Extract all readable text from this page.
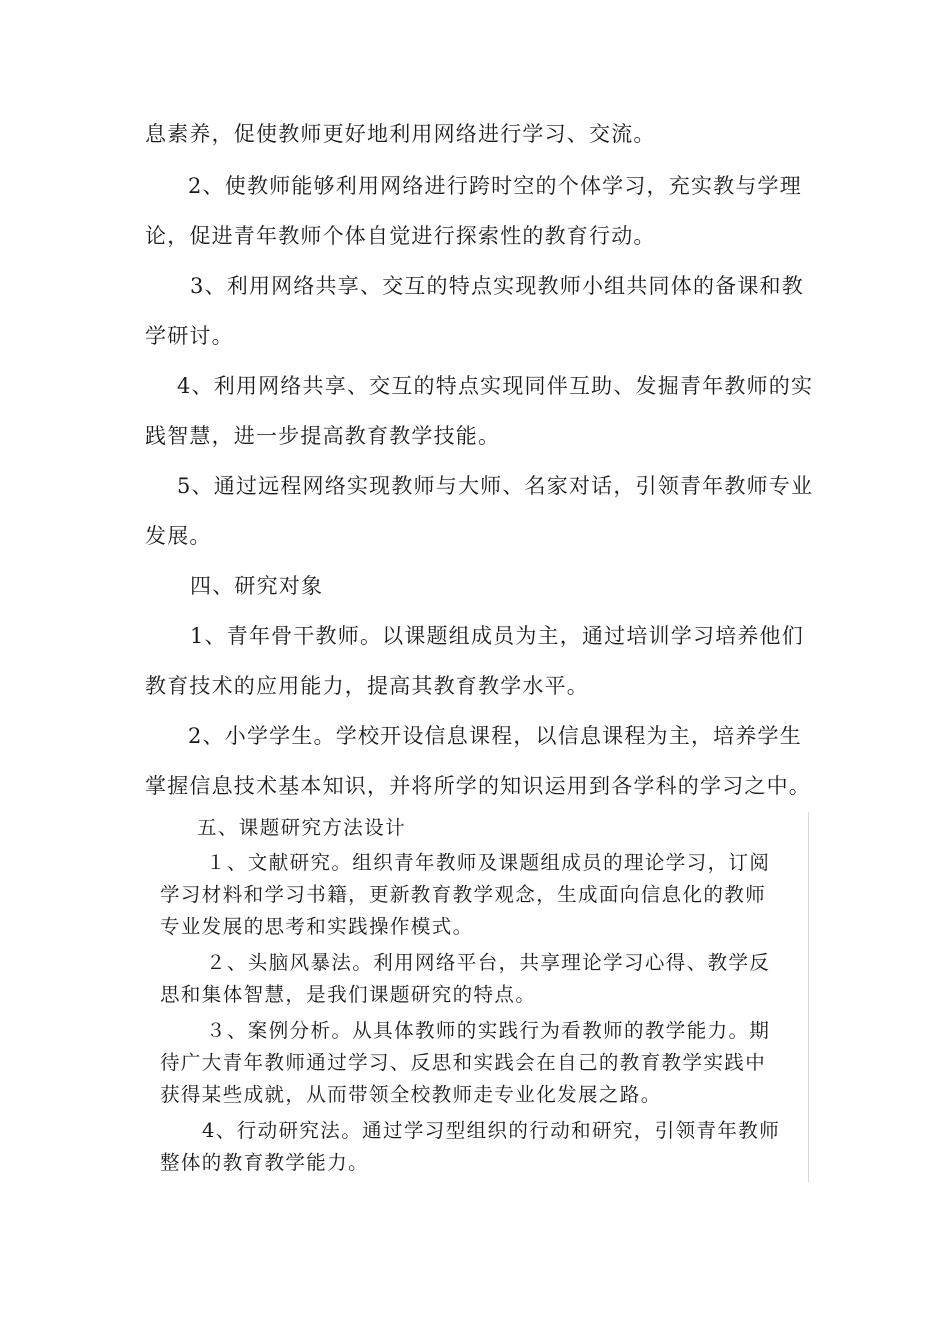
息素养，促使教师更好地利用网络进行学习、交流。
2、使教师能够利用网络进行跨时空的个体学习，充实教与学理
论，促进青年教师个体自觉进行探索性的教育行动。
3、利用网络共享、交互的特点实现教师小组共同体的备课和教
学研讨。
4、利用网络共享、交互的特点实现同伴互助、发掘青年教师的实
践智慧，进一步提高教育教学技能。
5、通过远程网络实现教师与大师、名家对话，引领青年教师专业
发展。
四、研究对象
1、青年骨干教师。以课题组成员为主，通过培训学习培养他们
教育技术的应用能力，提高其教育教学水平。
2、小学学生。学校开设信息课程，以信息课程为主，培养学生
掌握信息技术基本知识，并将所学的知识运用到各学科的学习之中。
五、课题研究方法设计
１、文献研究。组织青年教师及课题组成员的理论学习，订阅
学习材料和学习书籍，更新教育教学观念，生成面向信息化的教师
专业发展的思考和实践操作模式。
２、头脑风暴法。利用网络平台，共享理论学习心得、教学反
思和集体智慧，是我们课题研究的特点。
３、案例分析。从具体教师的实践行为看教师的教学能力。期
待广大青年教师通过学习、反思和实践会在自己的教育教学实践中
获得某些成就，从而带领全校教师走专业化发展之路。
4、行动研究法。通过学习型组织的行动和研究，引领青年教师
整体的教育教学能力。
